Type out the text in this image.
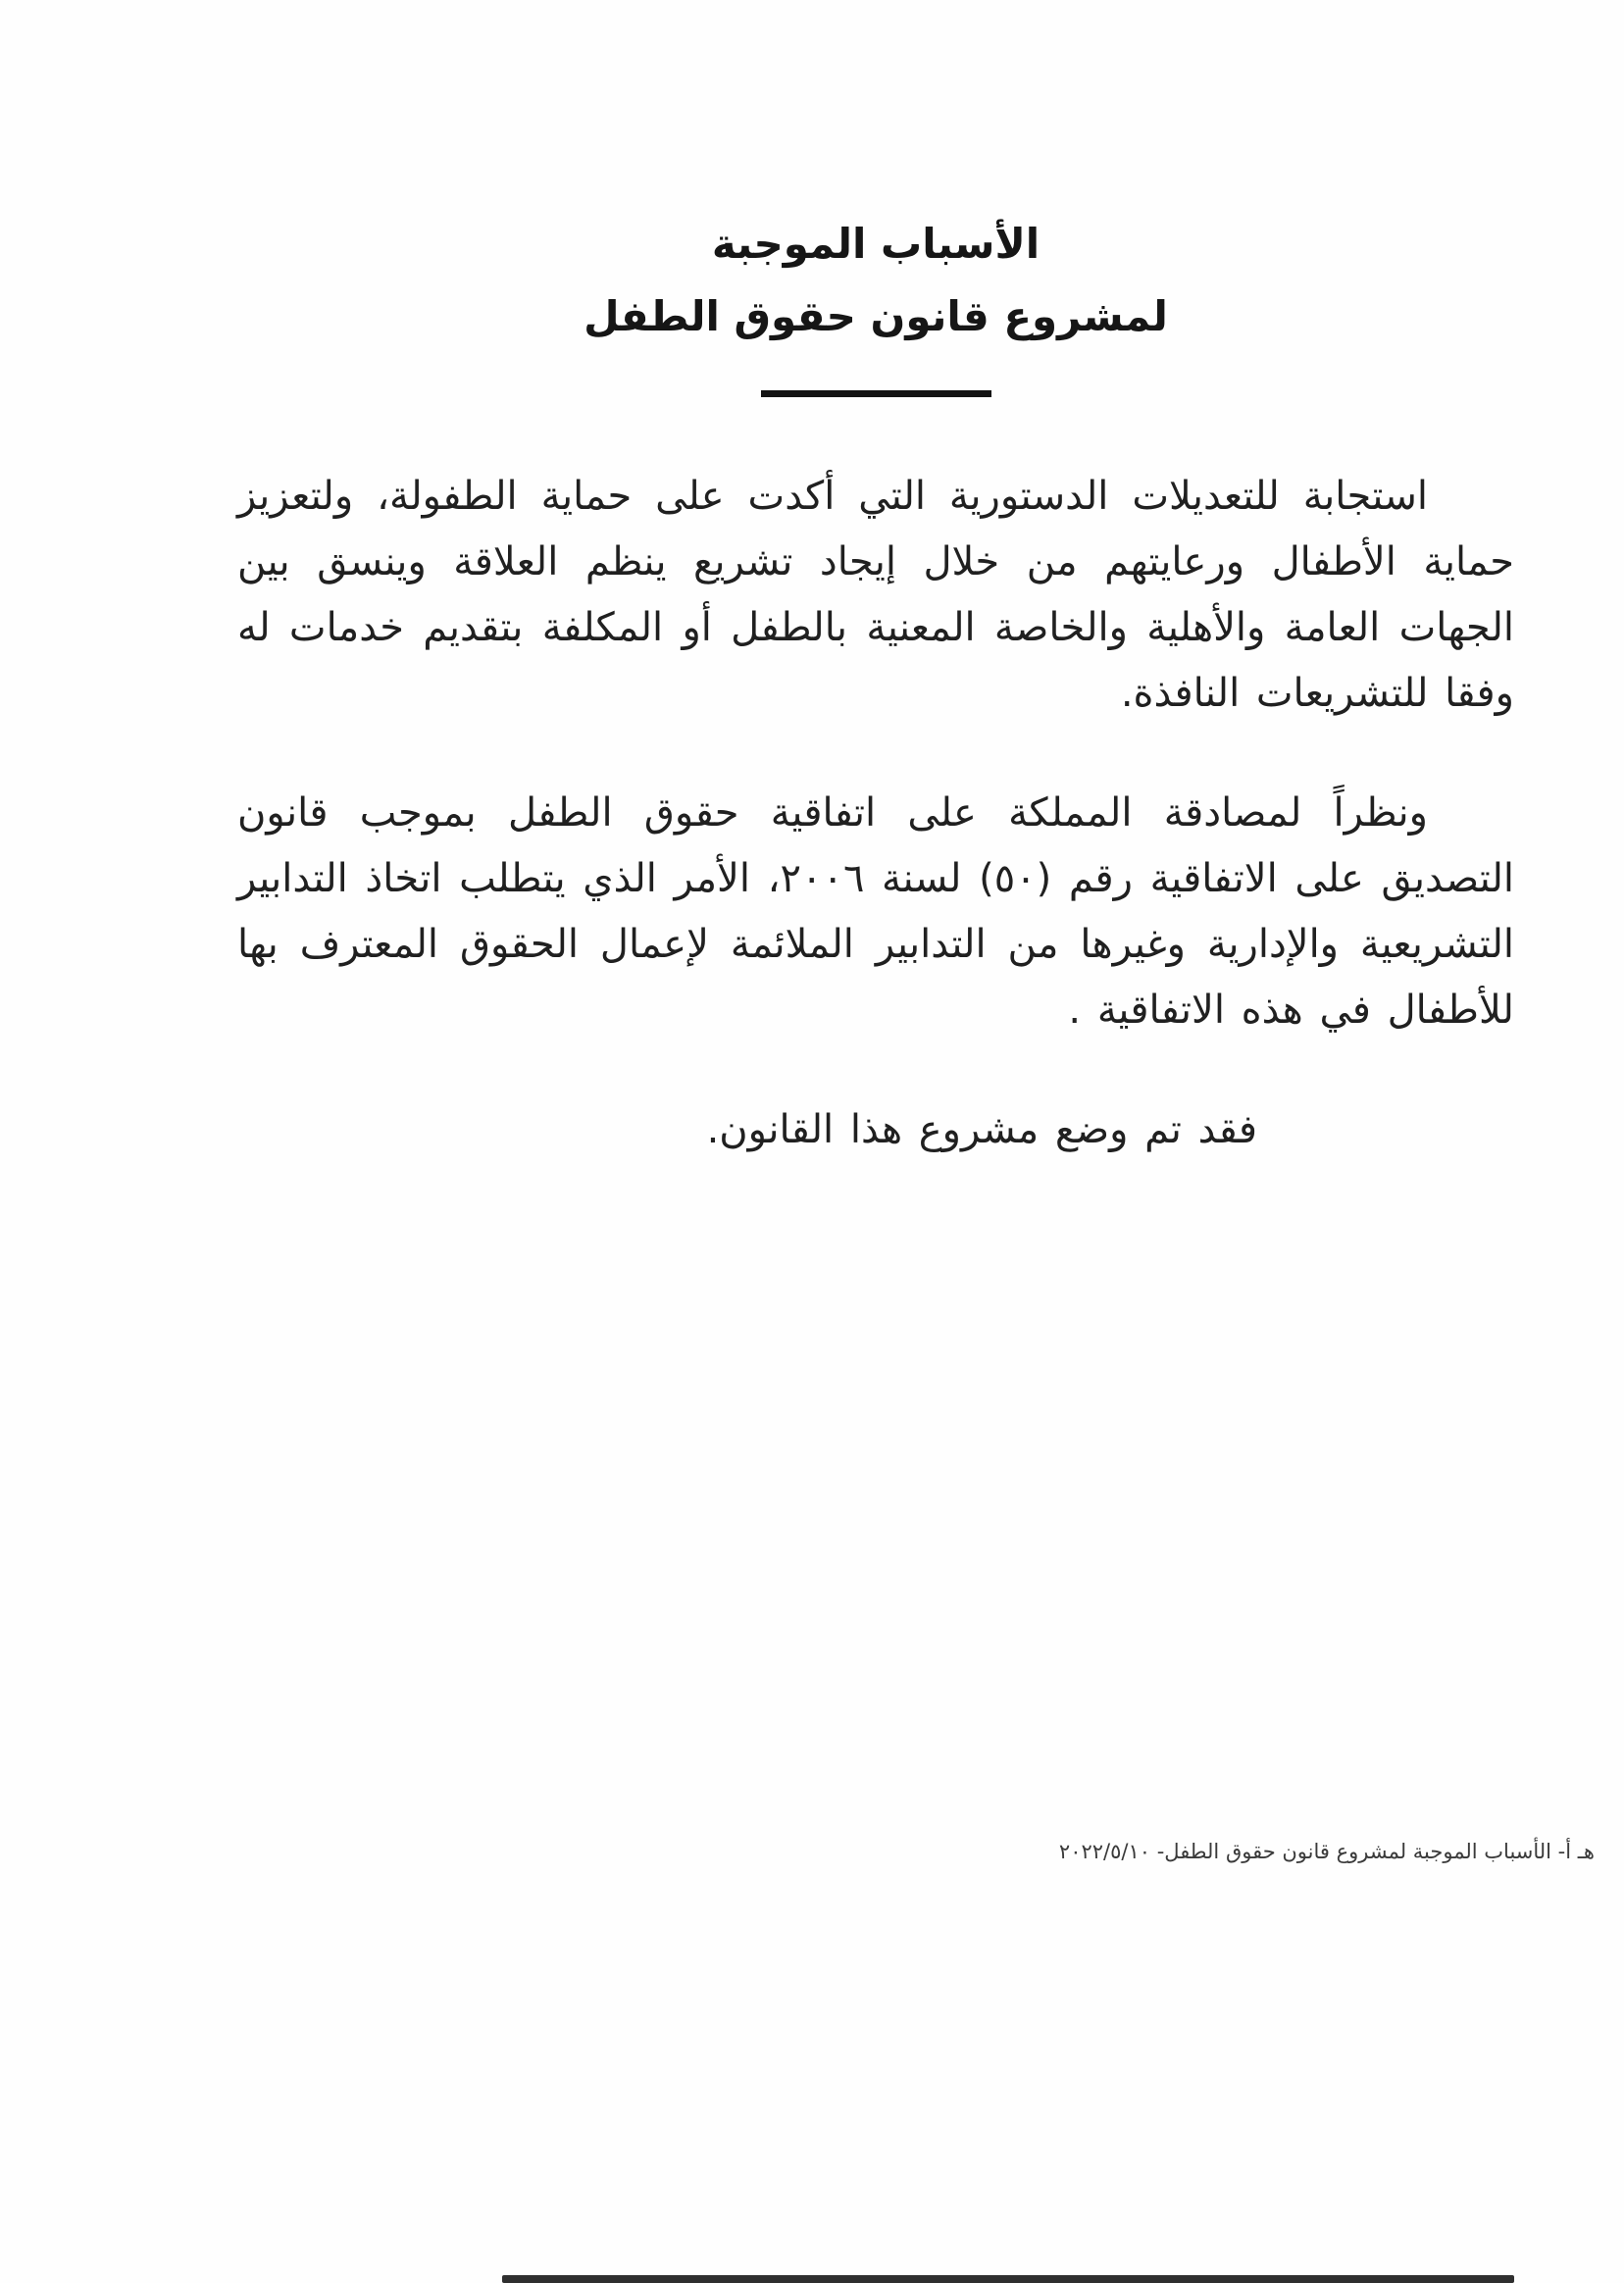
الأسباب الموجبة
لمشروع قانون حقوق الطفل

استجابة للتعديلات الدستورية التي أكدت على حماية الطفولة، ولتعزيز حماية الأطفال ورعايتهم من خلال إيجاد تشريع ينظم العلاقة وينسق بين الجهات العامة والأهلية والخاصة المعنية بالطفل أو المكلفة بتقديم خدمات له وفقا للتشريعات النافذة.

ونظراً لمصادقة المملكة على اتفاقية حقوق الطفل بموجب قانون التصديق على الاتفاقية رقم (٥٠) لسنة ٢٠٠٦، الأمر الذي يتطلب اتخاذ التدابير التشريعية والإدارية وغيرها من التدابير الملائمة لإعمال الحقوق المعترف بها للأطفال في هذه الاتفاقية .

فقد تم وضع مشروع هذا القانون.

هـ أ- الأسباب الموجبة لمشروع قانون حقوق الطفل- ٢٠٢٢/٥/١٠
